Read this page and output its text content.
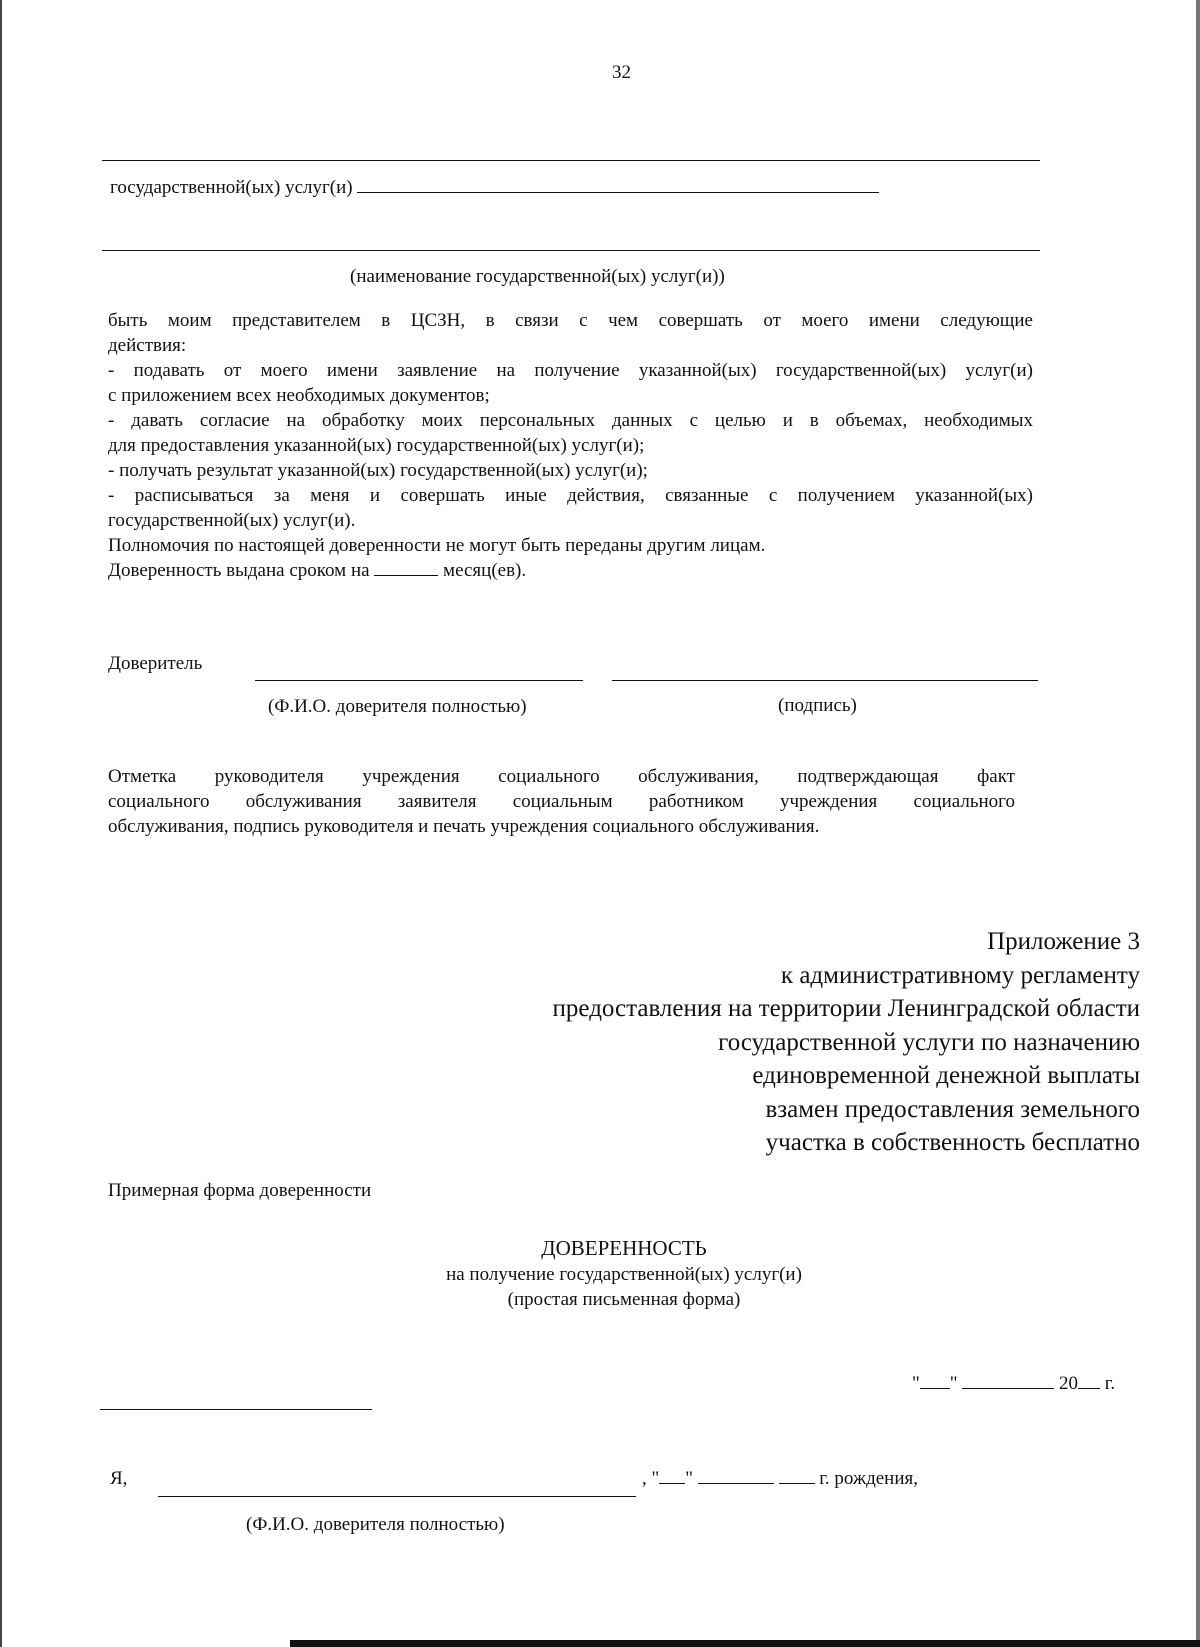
32
государственной(ых) услуг(и)
(наименование государственной(ых) услуг(и))
быть моим представителем в ЦСЗН, в связи с чем совершать от моего имени следующие
действия:
- подавать от моего имени заявление на получение указанной(ых) государственной(ых) услуг(и)
с приложением всех необходимых документов;
- давать согласие на обработку моих персональных данных с целью и в объемах, необходимых
для предоставления указанной(ых) государственной(ых) услуг(и);
- получать результат указанной(ых) государственной(ых) услуг(и);
- расписываться за меня и совершать иные действия, связанные с получением указанной(ых)
государственной(ых) услуг(и).
Полномочия по настоящей доверенности не могут быть переданы другим лицам.
Доверенность выдана сроком на	месяц(ев).
Доверитель
(Ф.И.О. доверителя полностью)	(подпись)
Отметка руководителя учреждения социального обслуживания, подтверждающая факт
социального обслуживания заявителя социальным работником учреждения социального
обслуживания, подпись руководителя и печать учреждения социального обслуживания.
Приложение 3
к административному регламенту
предоставления на территории Ленинградской области
государственной услуги по назначению
единовременной денежной выплаты
взамен предоставления земельного
участка в собственность бесплатно
Примерная форма доверенности
ДОВЕРЕННОСТЬ
на получение государственной(ых) услуг(и)
(простая письменная форма)
" "	20 г.
Я,	, " "	г. рождения,
(Ф.И.О. доверителя полностью)
